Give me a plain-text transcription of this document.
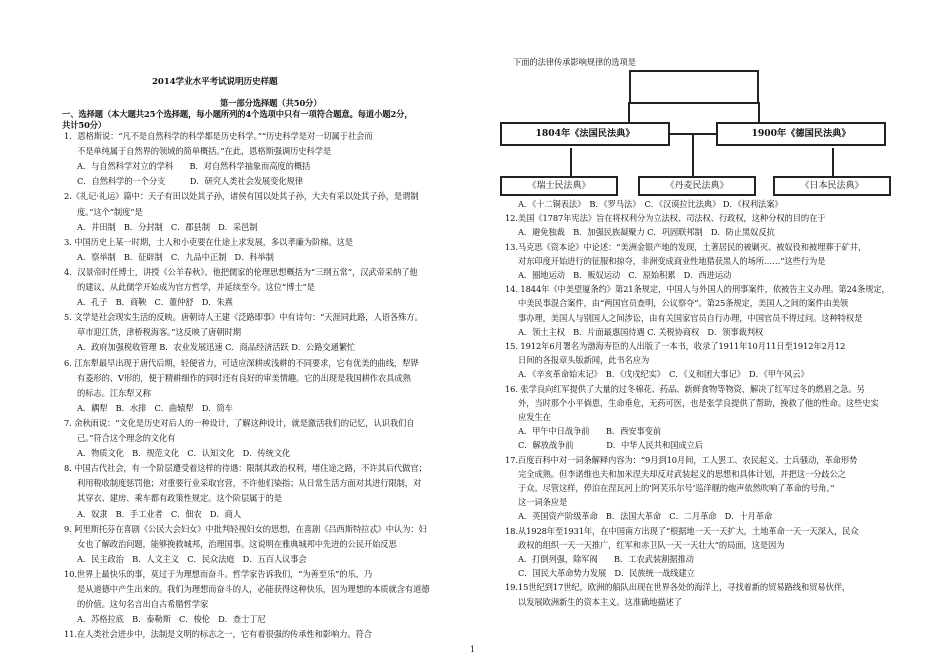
2014学业水平考试说明历史样题
第一部分选择题（共50分）
一、选择题（本大题共25个选择题，每小题所列的4个选项中只有一项符合题意。每道小题2分，
共计50分）
1．恩格斯说：“凡不是自然科学的科学都是历史科学。”“历史科学是对一切属于社会而
不是单纯属于自然界的领域的简单概括。”在此，恩格斯强调历史科学是
A．与自然科学对立的学科　　B．对自然科学抽象而高度的概括
C．自然科学的一个分支　　　D．研究人类社会发展变化规律
2.《礼记·礼运》篇中：天子有田以处其子孙，诸侯有国以处其子孙，大夫有采以处其子孙，是谓制
度。”这个“制度”是
A．井田制　B．分封制　C．郡县制　D．采邑制
3. 中国历史上某一时期，士人和小吏要在仕途上求发展，多以孝廉为阶梯。这是
A．察举制　B．征辟制　C．九品中正制　D．科举制
4．汉景帝时任博士，讲授《公羊春秋》。他把儒家的伦理思想概括为“三纲五常”，汉武帝采纳了他
的建议，从此儒学开始成为官方哲学，并延续至今。这位“博士”是
A．孔子　B．商鞅　C．董仲舒　D．朱熹
5. 文学是社会现实生活的反映。唐朝诗人王建《泛路即事》中有诗句：“天涯同此路，人语各殊方。
草市迎江货，津桥税海客。”这反映了唐朝时期
A．政府加强税收管理 B．农业发展迅速 C．商品经济活跃 D．公路交通繁忙
6. 江东犁最早出现于唐代后期，轻便省力，可适应深耕或浅耕的不同要求，它有优美的曲线，犁铧
有菱形的、V形的，便于精耕细作的同时还有良好的审美情趣。它的出现是我国耕作农具成熟
的标志。江东犁又称
A．耦犁　B．水排　C．曲辕犁　D．筒车
7. 余秋雨说：“文化是历史对后人的一种设计，了解这种设计，就是激活我们的记忆，认识我们自
己。”符合这个理念的文化有
A．物质文化　B．规范文化　C．认知文化　D．传统文化
8. 中国古代社会，有一个阶层遭受着这样的待遇：限制其政治权利，堵住途之路，不许其后代做官；
利用税收制度惩罚他；对重要行业采取官营，不许他们染指；从日常生活方面对其进行限制，对
其穿衣、建房、乘车都有政策性规定。这个阶层属于的是
A．奴隶　B．手工业者　C．佃农　D．商人
9. 阿里斯托芬在喜剧《公民大会妇女》中批判轻视妇女的思想，在喜剧《吕西斯特拉忒》中认为：妇
女也了解政治问题，能够挽救城邦，治理国事。这说明在雅典城邦中先进的公民开始反思
A．民主政治　B．人文主义　C．民众法庭　D．五百人议事会
10.世界上最快乐的事，莫过于为理想而奋斗。哲学家告诉我们，“为善至乐”的乐，乃
是从道德中产生出来的。我们为理想而奋斗的人，必能获得这种快乐，因为理想的本质就含有道德
的价值。这句名言出自古希腊哲学家
A．苏格拉底　B．泰勒斯　C．梭伦　D．查士丁尼
11.在人类社会进步中，法制是文明的标志之一，它有着很强的传承性和影响力。符合
下面的法律传承影响规律的选项是
1804年《法国民法典》	1900年《德国民法典》
《瑞士民法典》	《丹麦民法典》	《日本民法典》
A．《十二铜表法》　B．《罗马法》　C．《汉谟拉比法典》 D．《权利法案》
12.美国《1787年宪法》旨在将权利分为立法权、司法权、行政权，这种分权的目的在于
A．避免独裁　B．加强民族凝聚力 C．巩固联邦制　D．防止黑奴反抗
13.马克思《资本论》中论述：“美洲金银产地的发现，土著居民的被剿灭、被奴役和被埋葬于矿井，
对东印度开始进行的征服和掠夺，非洲变成商业性地猎获黑人的场所……”这些行为是
A．圈地运动　B．贩奴运动　C．原始积累　D．西进运动
14. 1844年《中美望厦条约》第21条规定，中国人与外国人的刑事案件，依被告主义办理。第24条规定，
中美民事混合案件，由“两国官员查明，公议察夺”。第25条规定，美国人之间的案件由美领
事办理，美国人与别国人之间涉讼，由有关国家官员自行办理，中国官员不得过问。这种特权是
A．领土主权　B．片面最惠国待遇 C. 关税协商权　D．领事裁判权
15. 1912年6月署名为渤海寿臣的人出版了一本书，收录了1911年10月11日至1912年2月12
日间的各报章头版新闻，此书名应为
A．《辛亥革命始末记》　B．《戊戌纪实》　C．《义和团大事记》　D．《甲午风云》
16. 张学良向红军提供了大量的过冬棉花、药品、新鲜食物等物资，解决了红军过冬的燃眉之急。另
外，当时那个小平倘患，生命垂危，无药可医，也是张学良提供了帮助，挽救了他的性命。这些史实
应发生在
A．甲午中日战争前　　B．西安事变前
C．解放战争前　　　　D．中华人民共和国成立后
17.百度百科中对一词条解释内容为：“9月到10月间，工人罢工、农民起义、士兵骚动，革命形势
完全成熟。但李诺维也夫和加米涅夫却反对武装起义的思想和具体计划，并把这一分歧公之
于众。尽管这样，停泊在涅瓦河上的‘阿芙乐尔号’巡洋舰的炮声依然吹响了革命的号角。”
这一词条应是
A．英国资产阶级革命　B．法国大革命　C．二月革命　D．十月革命
18.从1928年至1931年，在中国南方出现了“根据地一天一天扩大，土地革命一天一天深入，民众
政权的组织一天一天推广，红军和赤卫队一天一天壮大”的局面，这是因为
A．打倒列强，除军阀　　B．工农武装割据推动
C．国民大革命势力发展　D．民族统一战线建立
19.15世纪到17世纪，欧洲的船队出现在世界各处的海洋上，寻找着新的贸易路线和贸易伙伴，
以发展欧洲新生的资本主义。这准确地描述了
1
